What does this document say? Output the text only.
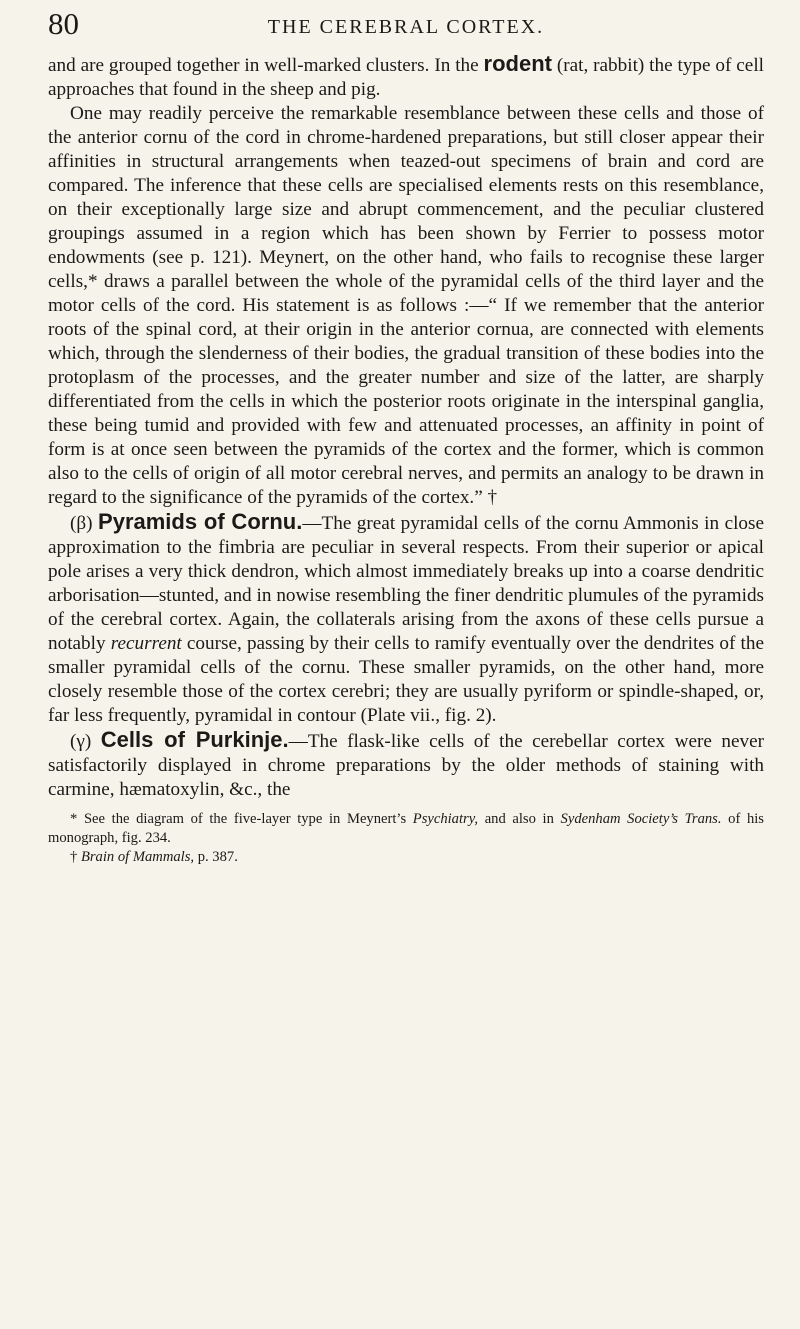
80	THE CEREBRAL CORTEX.

and are grouped together in well-marked clusters. In the rodent (rat, rabbit) the type of cell approaches that found in the sheep and pig.

One may readily perceive the remarkable resemblance between these cells and those of the anterior cornu of the cord in chrome-hardened preparations, but still closer appear their affinities in structural arrangements when teazed-out specimens of brain and cord are compared. The inference that these cells are specialised elements rests on this resemblance, on their exceptionally large size and abrupt commencement, and the peculiar clustered groupings assumed in a region which has been shown by Ferrier to possess motor endowments (see p. 121). Meynert, on the other hand, who fails to recognise these larger cells,* draws a parallel between the whole of the pyramidal cells of the third layer and the motor cells of the cord. His statement is as follows :—“ If we remember that the anterior roots of the spinal cord, at their origin in the anterior cornua, are connected with elements which, through the slenderness of their bodies, the gradual transition of these bodies into the protoplasm of the processes, and the greater number and size of the latter, are sharply differentiated from the cells in which the posterior roots originate in the interspinal ganglia, these being tumid and provided with few and attenuated processes, an affinity in point of form is at once seen between the pyramids of the cortex and the former, which is common also to the cells of origin of all motor cerebral nerves, and permits an analogy to be drawn in regard to the significance of the pyramids of the cortex.” †

(β) Pyramids of Cornu.—The great pyramidal cells of the cornu Ammonis in close approximation to the fimbria are peculiar in several respects. From their superior or apical pole arises a very thick dendron, which almost immediately breaks up into a coarse dendritic arborisation—stunted, and in nowise resembling the finer dendritic plumules of the pyramids of the cerebral cortex. Again, the collaterals arising from the axons of these cells pursue a notably recurrent course, passing by their cells to ramify eventually over the dendrites of the smaller pyramidal cells of the cornu. These smaller pyramids, on the other hand, more closely resemble those of the cortex cerebri; they are usually pyriform or spindle-shaped, or, far less frequently, pyramidal in contour (Plate vii., fig. 2).

(γ) Cells of Purkinje.—The flask-like cells of the cerebellar cortex were never satisfactorily displayed in chrome preparations by the older methods of staining with carmine, hæmatoxylin, &c., the

* See the diagram of the five-layer type in Meynert’s Psychiatry, and also in Sydenham Society’s Trans. of his monograph, fig. 234.

† Brain of Mammals, p. 387.
